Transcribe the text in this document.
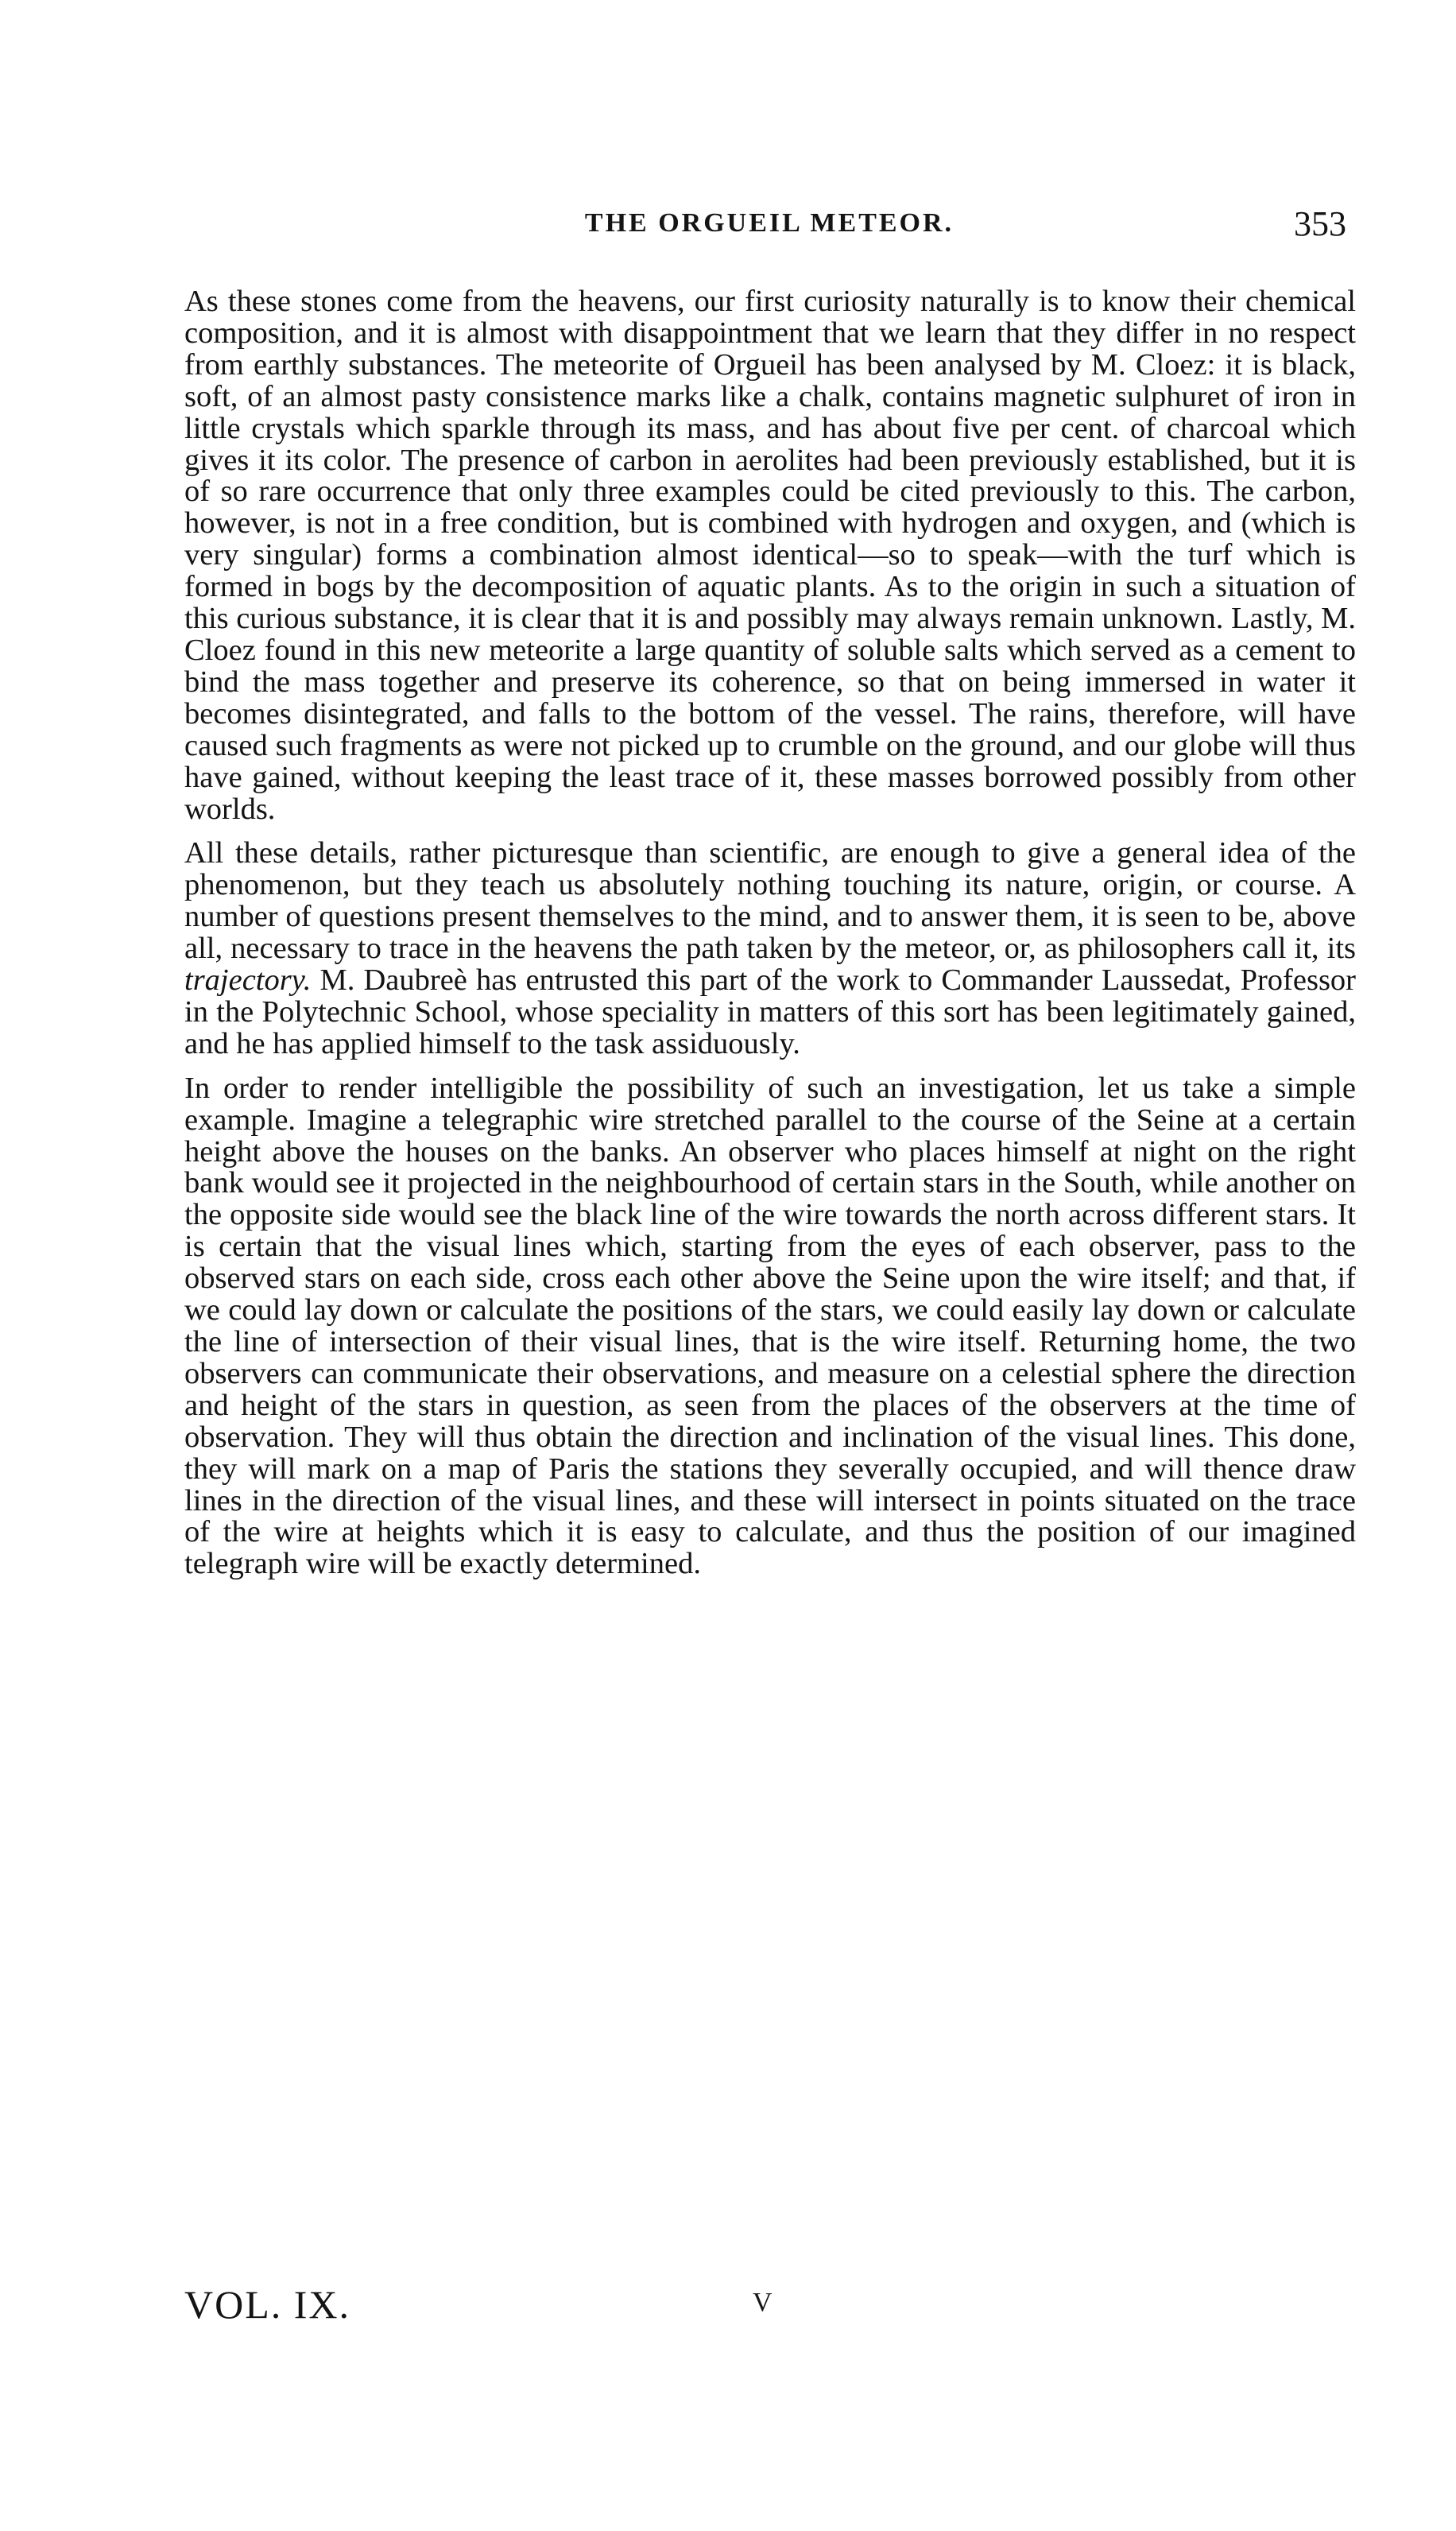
THE ORGUEIL METEOR.	353

As these stones come from the heavens, our first curiosity naturally is to know their chemical composition, and it is almost with disappointment that we learn that they differ in no respect from earthly substances. The meteorite of Orgueil has been analysed by M. Cloez: it is black, soft, of an almost pasty consistence marks like a chalk, contains magnetic sulphuret of iron in little crystals which sparkle through its mass, and has about five per cent. of charcoal which gives it its color. The presence of carbon in aerolites had been previously established, but it is of so rare occurrence that only three examples could be cited previously to this. The carbon, however, is not in a free condition, but is combined with hydrogen and oxygen, and (which is very singular) forms a combination almost identical—so to speak—with the turf which is formed in bogs by the decomposition of aquatic plants. As to the origin in such a situation of this curious substance, it is clear that it is and possibly may always remain unknown. Lastly, M. Cloez found in this new meteorite a large quantity of soluble salts which served as a cement to bind the mass together and preserve its coherence, so that on being immersed in water it becomes disintegrated, and falls to the bottom of the vessel. The rains, therefore, will have caused such fragments as were not picked up to crumble on the ground, and our globe will thus have gained, without keeping the least trace of it, these masses borrowed possibly from other worlds.

All these details, rather picturesque than scientific, are enough to give a general idea of the phenomenon, but they teach us absolutely nothing touching its nature, origin, or course. A number of questions present themselves to the mind, and to answer them, it is seen to be, above all, necessary to trace in the heavens the path taken by the meteor, or, as philosophers call it, its trajectory. M. Daubreè has entrusted this part of the work to Commander Laussedat, Professor in the Polytechnic School, whose speciality in matters of this sort has been legitimately gained, and he has applied himself to the task assiduously.

In order to render intelligible the possibility of such an investigation, let us take a simple example. Imagine a telegraphic wire stretched parallel to the course of the Seine at a certain height above the houses on the banks. An observer who places himself at night on the right bank would see it projected in the neighbourhood of certain stars in the South, while another on the opposite side would see the black line of the wire towards the north across different stars. It is certain that the visual lines which, starting from the eyes of each observer, pass to the observed stars on each side, cross each other above the Seine upon the wire itself; and that, if we could lay down or calculate the positions of the stars, we could easily lay down or calculate the line of intersection of their visual lines, that is the wire itself. Returning home, the two observers can communicate their observations, and measure on a celestial sphere the direction and height of the stars in question, as seen from the places of the observers at the time of observation. They will thus obtain the direction and inclination of the visual lines. This done, they will mark on a map of Paris the stations they severally occupied, and will thence draw lines in the direction of the visual lines, and these will intersect in points situated on the trace of the wire at heights which it is easy to calculate, and thus the position of our imagined telegraph wire will be exactly determined.

VOL. IX.	V
